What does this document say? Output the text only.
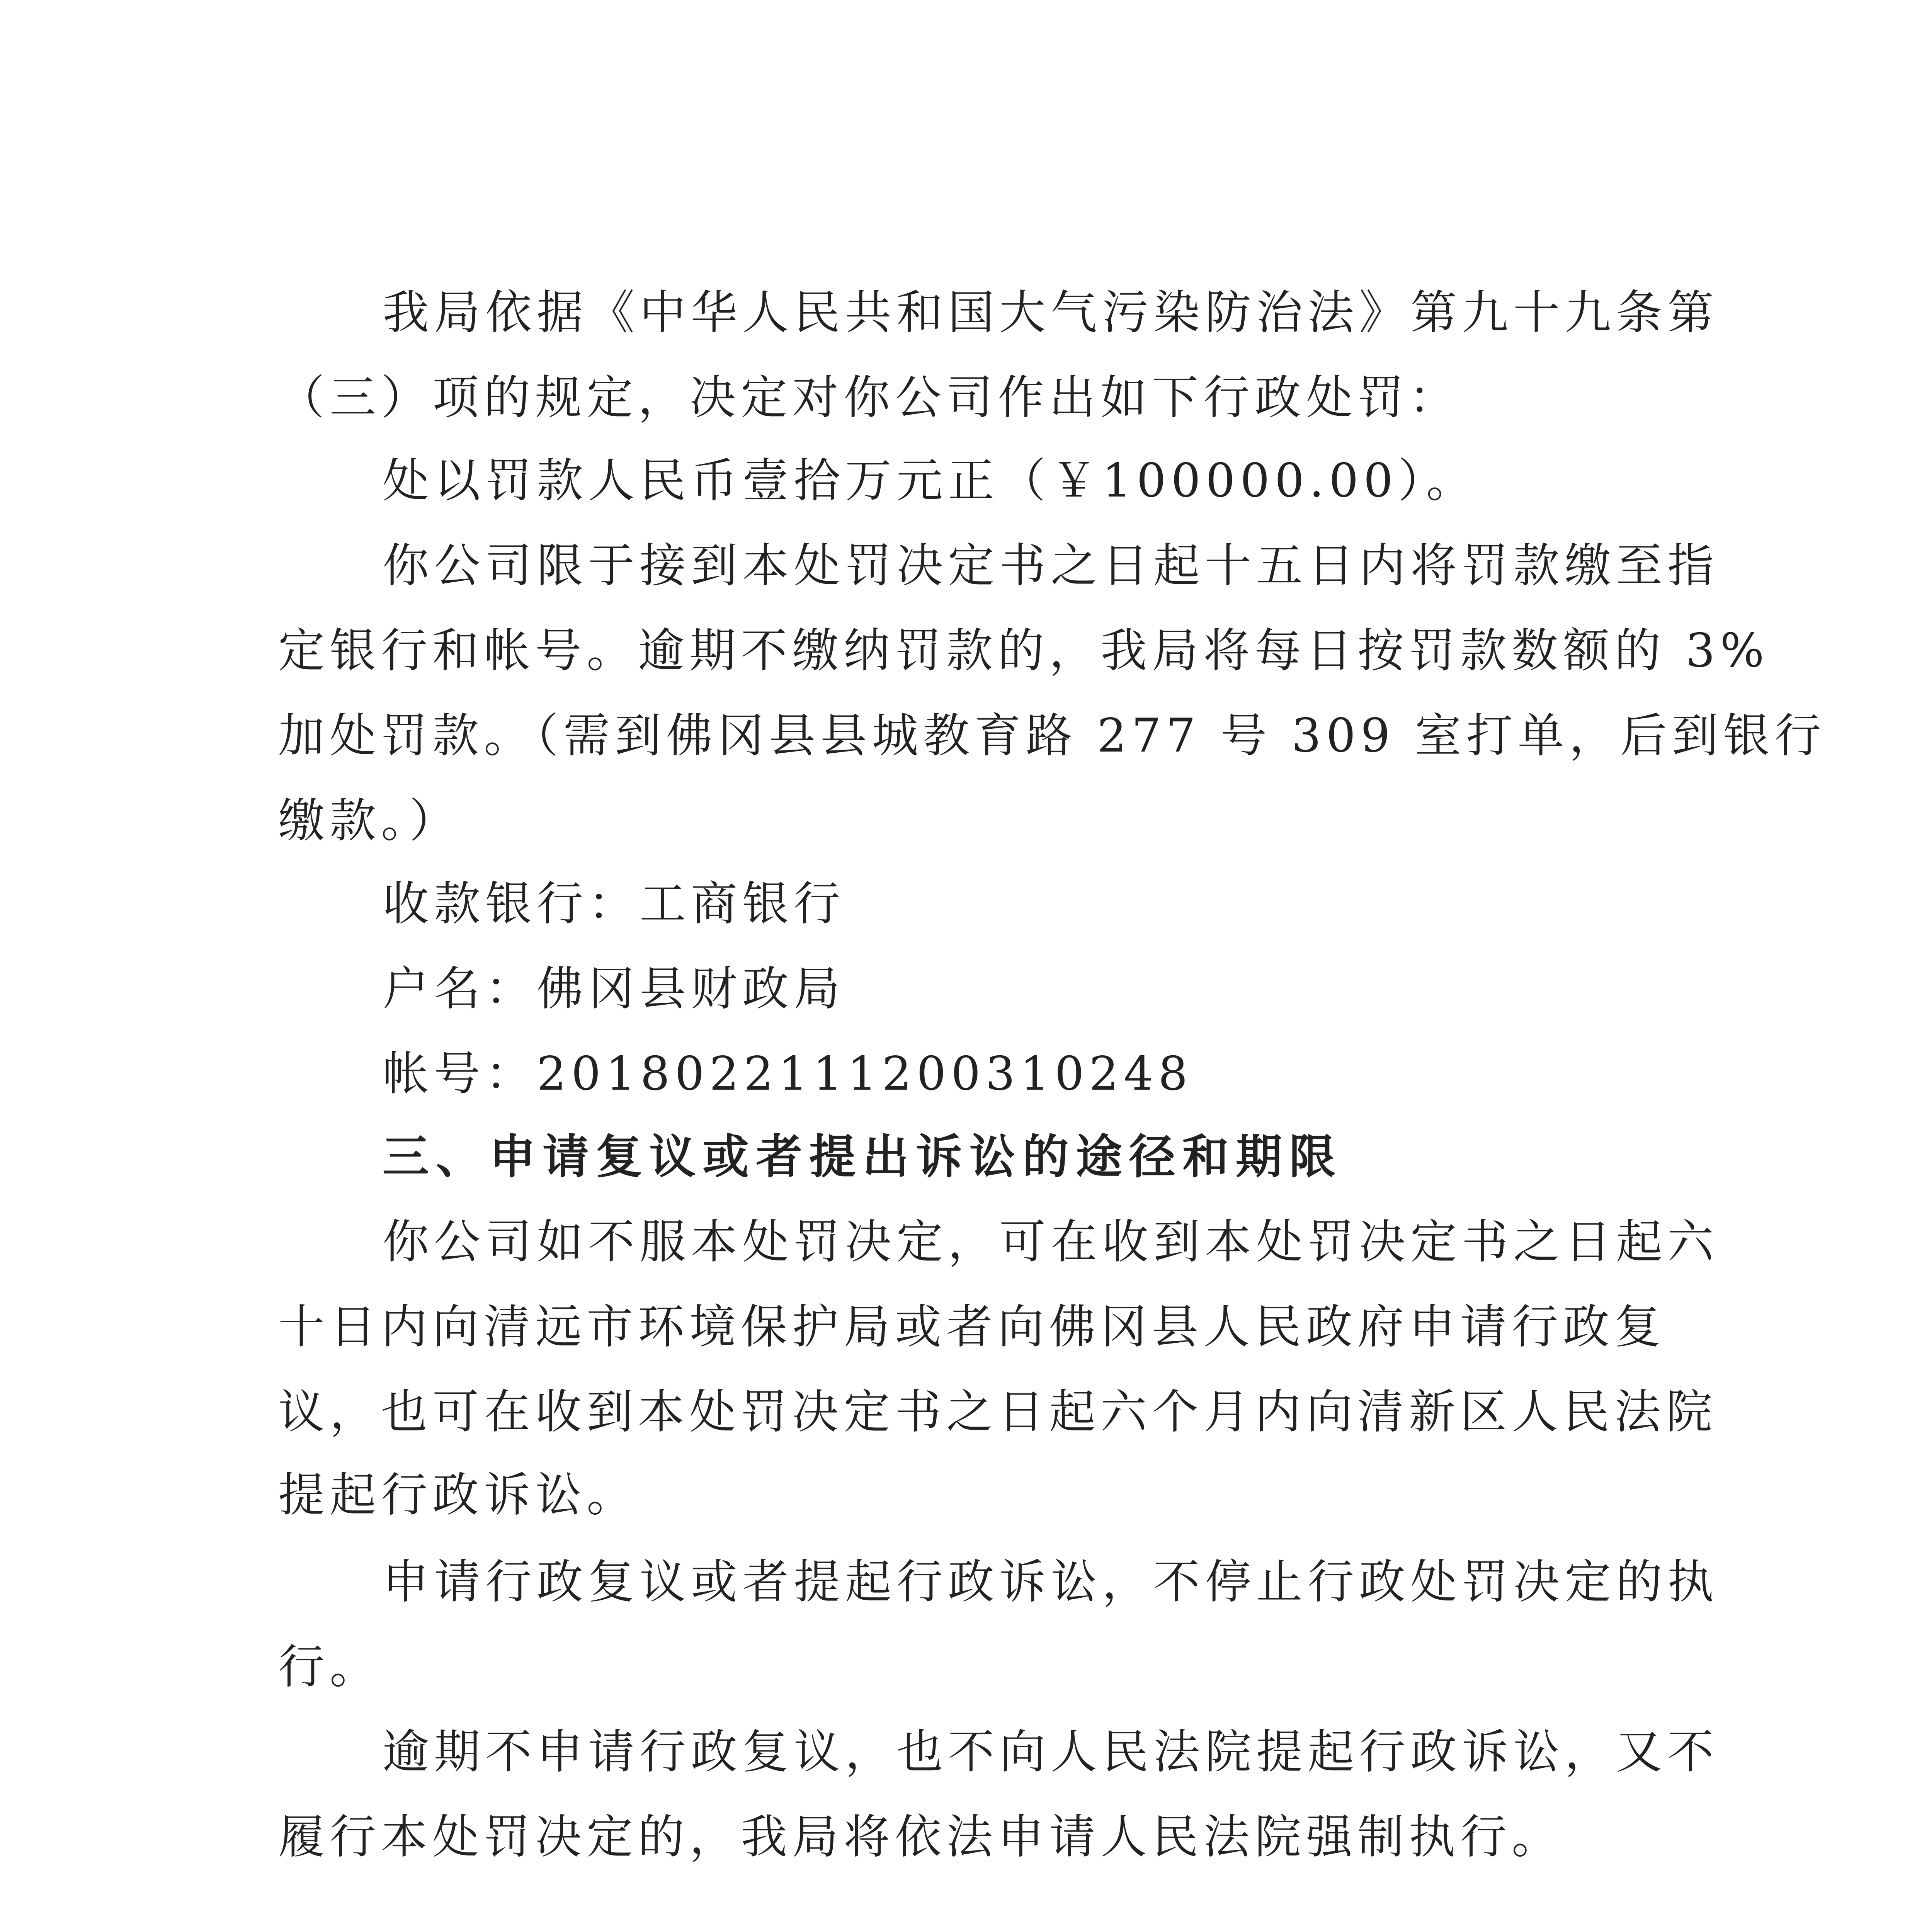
我局依据《中华人民共和国大气污染防治法》第九十九条第
（三）项的规定，决定对你公司作出如下行政处罚：
处以罚款人民币壹拾万元正（￥100000.00）。
你公司限于接到本处罚决定书之日起十五日内将罚款缴至指
定银行和帐号。逾期不缴纳罚款的，我局将每日按罚款数额的 3%
加处罚款。（需到佛冈县县城教育路 277 号 309 室打单，后到银行
缴款。）
收款银行：工商银行
户名：佛冈县财政局
帐号：2018022111200310248
三、申请复议或者提出诉讼的途径和期限
你公司如不服本处罚决定，可在收到本处罚决定书之日起六
十日内向清远市环境保护局或者向佛冈县人民政府申请行政复
议，也可在收到本处罚决定书之日起六个月内向清新区人民法院
提起行政诉讼。
申请行政复议或者提起行政诉讼，不停止行政处罚决定的执
行。
逾期不申请行政复议，也不向人民法院提起行政诉讼，又不
履行本处罚决定的，我局将依法申请人民法院强制执行。
